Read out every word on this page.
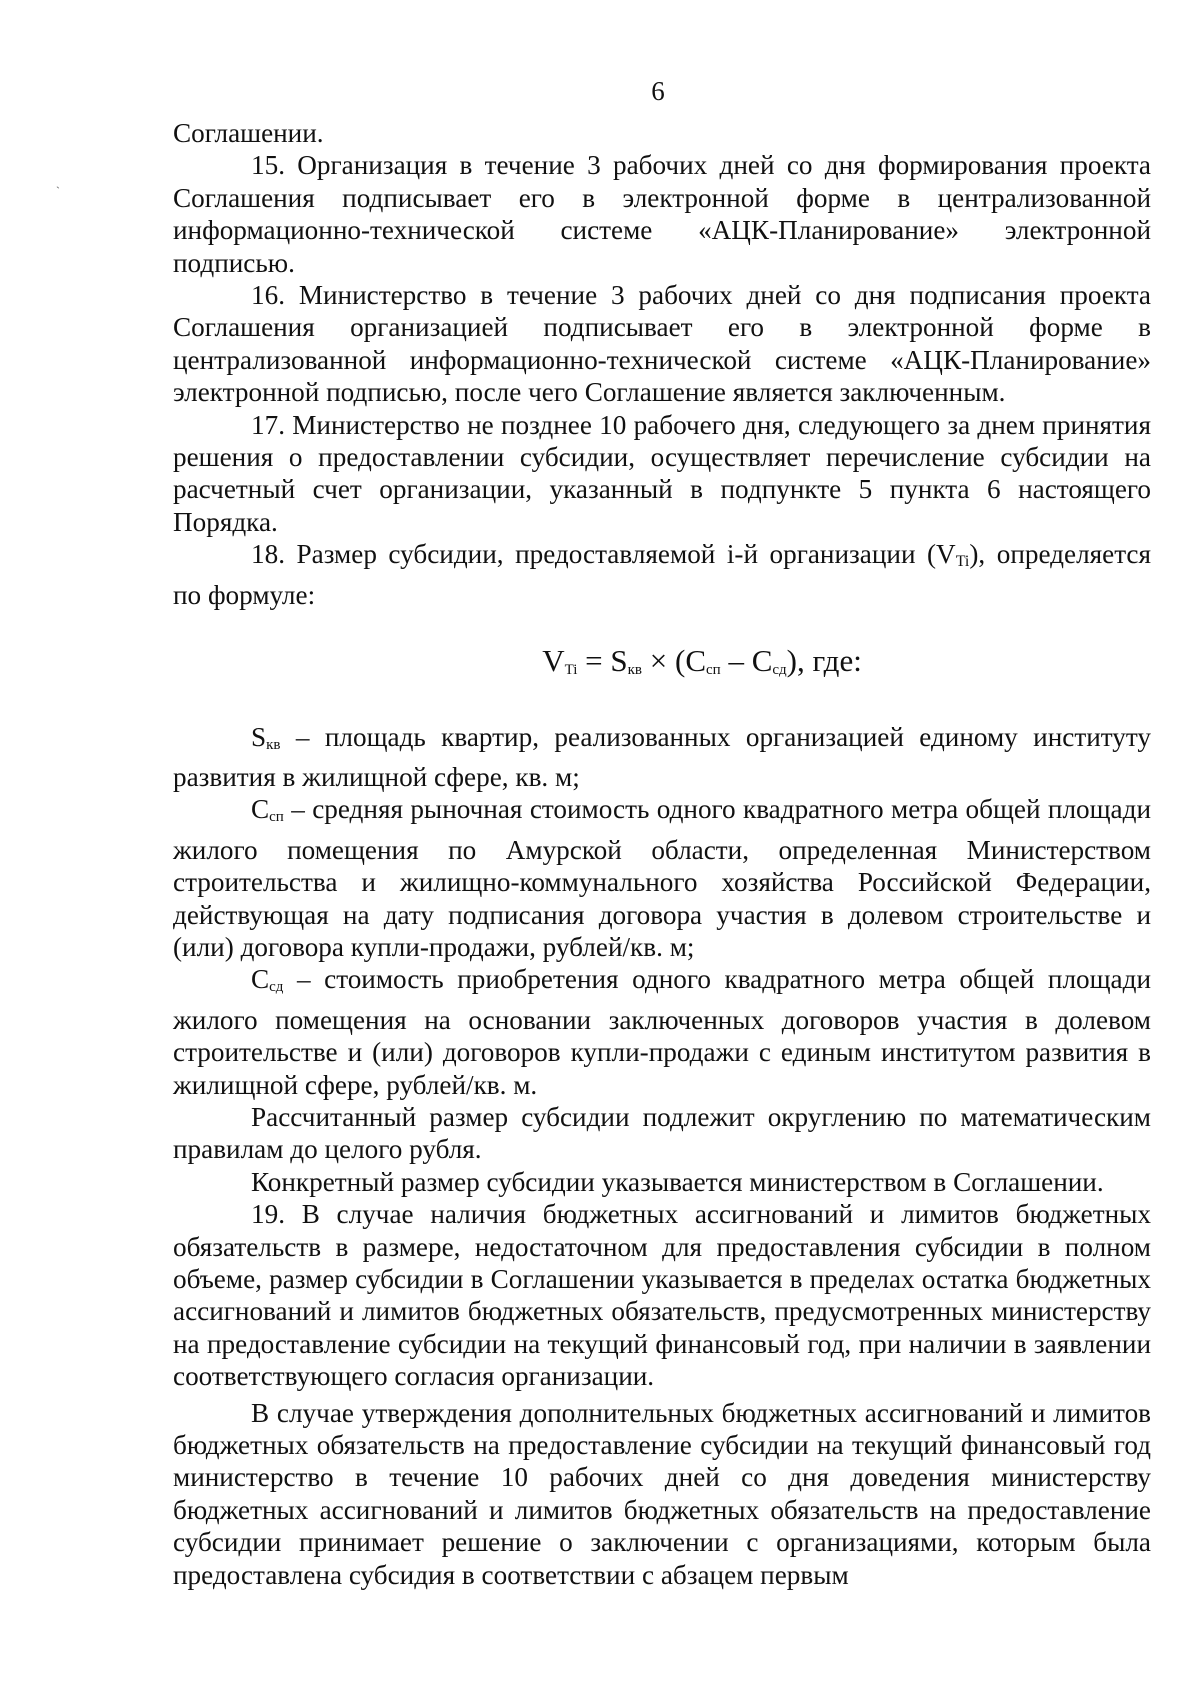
6
`

Соглашении.

15. Организация в течение 3 рабочих дней со дня формирования проекта Соглашения подписывает его в электронной форме в централизованной информационно-технической системе «АЦК-Планирование» электронной подписью.

16. Министерство в течение 3 рабочих дней со дня подписания проекта Соглашения организацией подписывает его в электронной форме в централизованной информационно-технической системе «АЦК-Планирование» электронной подписью, после чего Соглашение является заключенным.

17. Министерство не позднее 10 рабочего дня, следующего за днем принятия решения о предоставлении субсидии, осуществляет перечисление субсидии на расчетный счет организации, указанный в подпункте 5 пункта 6 настоящего Порядка.

18. Размер субсидии, предоставляемой i-й организации $(V_{Ti})$, определяется по формуле:

$V_{Ti} = S_{кв} \times (C_{сп} - C_{сд})$, где:

$S_{кв}$ – площадь квартир, реализованных организацией единому институту развития в жилищной сфере, кв. м;

$C_{сп}$ – средняя рыночная стоимость одного квадратного метра общей площади жилого помещения по Амурской области, определенная Министерством строительства и жилищно-коммунального хозяйства Российской Федерации, действующая на дату подписания договора участия в долевом строительстве и (или) договора купли-продажи, рублей/кв. м;

$C_{сд}$ – стоимость приобретения одного квадратного метра общей площади жилого помещения на основании заключенных договоров участия в долевом строительстве и (или) договоров купли-продажи с единым институтом развития в жилищной сфере, рублей/кв. м.

Рассчитанный размер субсидии подлежит округлению по математическим правилам до целого рубля.

Конкретный размер субсидии указывается министерством в Соглашении.

19. В случае наличия бюджетных ассигнований и лимитов бюджетных обязательств в размере, недостаточном для предоставления субсидии в полном объеме, размер субсидии в Соглашении указывается в пределах остатка бюджетных ассигнований и лимитов бюджетных обязательств, предусмотренных министерству на предоставление субсидии на текущий финансовый год, при наличии в заявлении соответствующего согласия организации.

В случае утверждения дополнительных бюджетных ассигнований и лимитов бюджетных обязательств на предоставление субсидии на текущий финансовый год министерство в течение 10 рабочих дней со дня доведения министерству бюджетных ассигнований и лимитов бюджетных обязательств на предоставление субсидии принимает решение о заключении с организациями, которым была предоставлена субсидия в соответствии с абзацем первым
